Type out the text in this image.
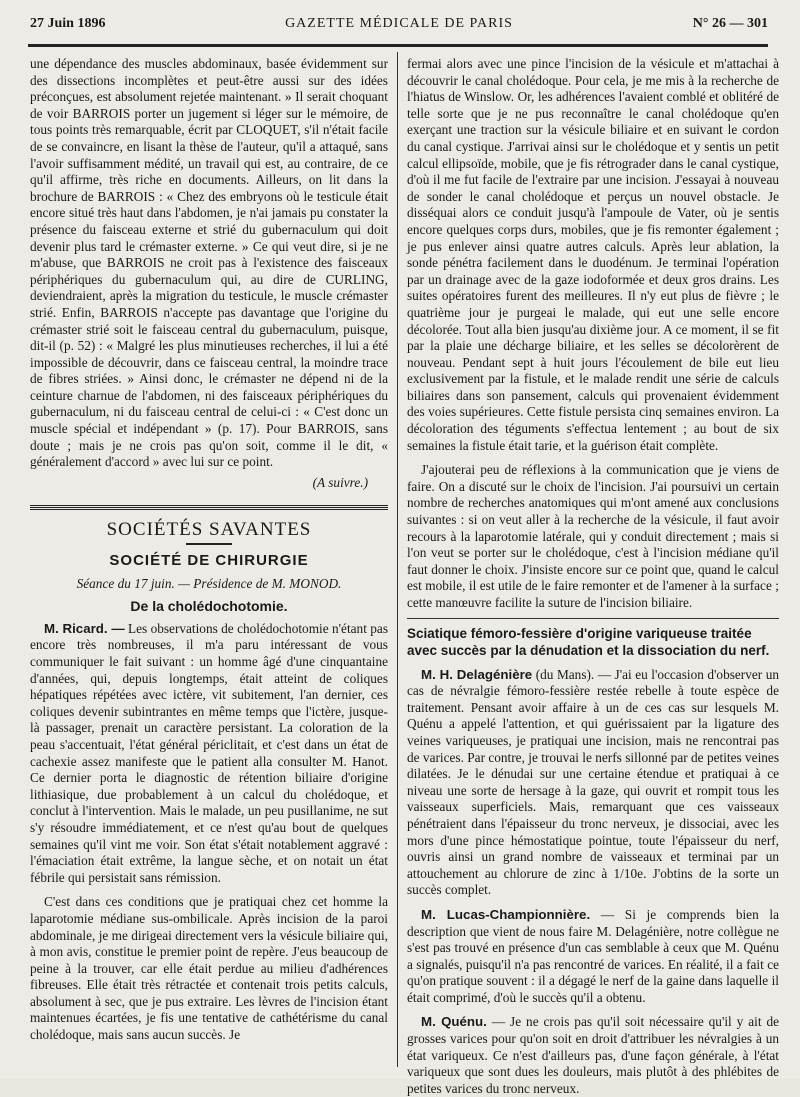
27 Juin 1896	GAZETTE MÉDICALE DE PARIS	N° 26 — 301

une dépendance des muscles abdominaux, basée évidemment sur des dissections incomplètes et peut-être aussi sur des idées préconçues, est absolument rejetée maintenant. » Il serait choquant de voir BARROIS porter un jugement si léger sur le mémoire, de tous points très remarquable, écrit par CLOQUET, s'il n'était facile de se convaincre, en lisant la thèse de l'auteur, qu'il a attaqué, sans l'avoir suffisamment médité, un travail qui est, au contraire, de ce qu'il affirme, très riche en documents. Ailleurs, on lit dans la brochure de BARROIS : « Chez des embryons où le testicule était encore situé très haut dans l'abdomen, je n'ai jamais pu constater la présence du faisceau externe et strié du gubernaculum qui doit devenir plus tard le crémaster externe. » Ce qui veut dire, si je ne m'abuse, que BARROIS ne croit pas à l'existence des faisceaux périphériques du gubernaculum qui, au dire de CURLING, deviendraient, après la migration du testicule, le muscle crémaster strié. Enfin, BARROIS n'accepte pas davantage que l'origine du crémaster strié soit le faisceau central du gubernaculum, puisque, dit-il (p. 52) : « Malgré les plus minutieuses recherches, il lui a été impossible de découvrir, dans ce faisceau central, la moindre trace de fibres striées. » Ainsi donc, le crémaster ne dépend ni de la ceinture charnue de l'abdomen, ni des faisceaux périphériques du gubernaculum, ni du faisceau central de celui-ci : « C'est donc un muscle spécial et indépendant » (p. 17). Pour BARROIS, sans doute ; mais je ne crois pas qu'on soit, comme il le dit, « généralement d'accord » avec lui sur ce point.

(A suivre.)
SOCIÉTÉS SAVANTES
SOCIÉTÉ DE CHIRURGIE
Séance du 17 juin. — Présidence de M. MONOD.
De la cholédochotomie.

M. Ricard. — Les observations de cholédochotomie n'étant pas encore très nombreuses, il m'a paru intéressant de vous communiquer le fait suivant : un homme âgé d'une cinquantaine d'années, qui, depuis longtemps, était atteint de coliques hépatiques répétées avec ictère, vit subitement, l'an dernier, ces coliques devenir subintrantes en même temps que l'ictère, jusque-là passager, prenait un caractère persistant. La coloration de la peau s'accentuait, l'état général périclitait, et c'est dans un état de cachexie assez manifeste que le patient alla consulter M. Hanot. Ce dernier porta le diagnostic de rétention biliaire d'origine lithiasique, due probablement à un calcul du cholédoque, et conclut à l'intervention. Mais le malade, un peu pusillanime, ne sut s'y résoudre immédiatement, et ce n'est qu'au bout de quelques semaines qu'il vint me voir. Son état s'était notablement aggravé : l'émaciation était extrême, la langue sèche, et on notait un état fébrile qui persistait sans rémission.

C'est dans ces conditions que je pratiquai chez cet homme la laparotomie médiane sus-ombilicale. Après incision de la paroi abdominale, je me dirigeai directement vers la vésicule biliaire qui, à mon avis, constitue le premier point de repère. J'eus beaucoup de peine à la trouver, car elle était perdue au milieu d'adhérences fibreuses. Elle était très rétractée et contenait trois petits calculs, absolument à sec, que je pus extraire. Les lèvres de l'incision étant maintenues écartées, je fis une tentative de cathétérisme du canal cholédoque, mais sans aucun succès. Je

fermai alors avec une pince l'incision de la vésicule et m'attachai à découvrir le canal cholédoque. Pour cela, je me mis à la recherche de l'hiatus de Winslow. Or, les adhérences l'avaient comblé et oblitéré de telle sorte que je ne pus reconnaître le canal cholédoque qu'en exerçant une traction sur la vésicule biliaire et en suivant le cordon du canal cystique. J'arrivai ainsi sur le cholédoque et y sentis un petit calcul ellipsoïde, mobile, que je fis rétrograder dans le canal cystique, d'où il me fut facile de l'extraire par une incision. J'essayai à nouveau de sonder le canal cholédoque et perçus un nouvel obstacle. Je disséquai alors ce conduit jusqu'à l'ampoule de Vater, où je sentis encore quelques corps durs, mobiles, que je fis remonter également ; je pus enlever ainsi quatre autres calculs. Après leur ablation, la sonde pénétra facilement dans le duodénum. Je terminai l'opération par un drainage avec de la gaze iodoformée et deux gros drains. Les suites opératoires furent des meilleures. Il n'y eut plus de fièvre ; le quatrième jour je purgeai le malade, qui eut une selle encore décolorée. Tout alla bien jusqu'au dixième jour. A ce moment, il se fit par la plaie une décharge biliaire, et les selles se décolorèrent de nouveau. Pendant sept à huit jours l'écoulement de bile eut lieu exclusivement par la fistule, et le malade rendit une série de calculs biliaires dans son pansement, calculs qui provenaient évidemment des voies supérieures. Cette fistule persista cinq semaines environ. La décoloration des téguments s'effectua lentement ; au bout de six semaines la fistule était tarie, et la guérison était complète.

J'ajouterai peu de réflexions à la communication que je viens de faire. On a discuté sur le choix de l'incision. J'ai poursuivi un certain nombre de recherches anatomiques qui m'ont amené aux conclusions suivantes : si on veut aller à la recherche de la vésicule, il faut avoir recours à la laparotomie latérale, qui y conduit directement ; mais si l'on veut se porter sur le cholédoque, c'est à l'incision médiane qu'il faut donner le choix. J'insiste encore sur ce point que, quand le calcul est mobile, il est utile de le faire remonter et de l'amener à la surface ; cette manœuvre facilite la suture de l'incision biliaire.

Sciatique fémoro-fessière d'origine variqueuse traitée avec succès par la dénudation et la dissociation du nerf.

M. H. Delagénière (du Mans). — J'ai eu l'occasion d'observer un cas de névralgie fémoro-fessière restée rebelle à toute espèce de traitement. Pensant avoir affaire à un de ces cas sur lesquels M. Quénu a appelé l'attention, et qui guérissaient par la ligature des veines variqueuses, je pratiquai une incision, mais ne rencontrai pas de varices. Par contre, je trouvai le nerfs sillonné par de petites veines dilatées. Je le dénudai sur une certaine étendue et pratiquai à ce niveau une sorte de hersage à la gaze, qui ouvrit et rompit tous les vaisseaux superficiels. Mais, remarquant que ces vaisseaux pénétraient dans l'épaisseur du tronc nerveux, je dissociai, avec les mors d'une pince hémostatique pointue, toute l'épaisseur du nerf, ouvris ainsi un grand nombre de vaisseaux et terminai par un attouchement au chlorure de zinc à 1/10e. J'obtins de la sorte un succès complet.

M. Lucas-Championnière. — Si je comprends bien la description que vient de nous faire M. Delagénière, notre collègue ne s'est pas trouvé en présence d'un cas semblable à ceux que M. Quénu a signalés, puisqu'il n'a pas rencontré de varices. En réalité, il a fait ce qu'on pratique souvent : il a dégagé le nerf de la gaine dans laquelle il était comprimé, d'où le succès qu'il a obtenu.

M. Quénu. — Je ne crois pas qu'il soit nécessaire qu'il y ait de grosses varices pour qu'on soit en droit d'attribuer les névralgies à un état variqueux. Ce n'est d'ailleurs pas, d'une façon générale, à l'état variqueux que sont dues les douleurs, mais plutôt à des phlébites de petites varices du tronc nerveux.
